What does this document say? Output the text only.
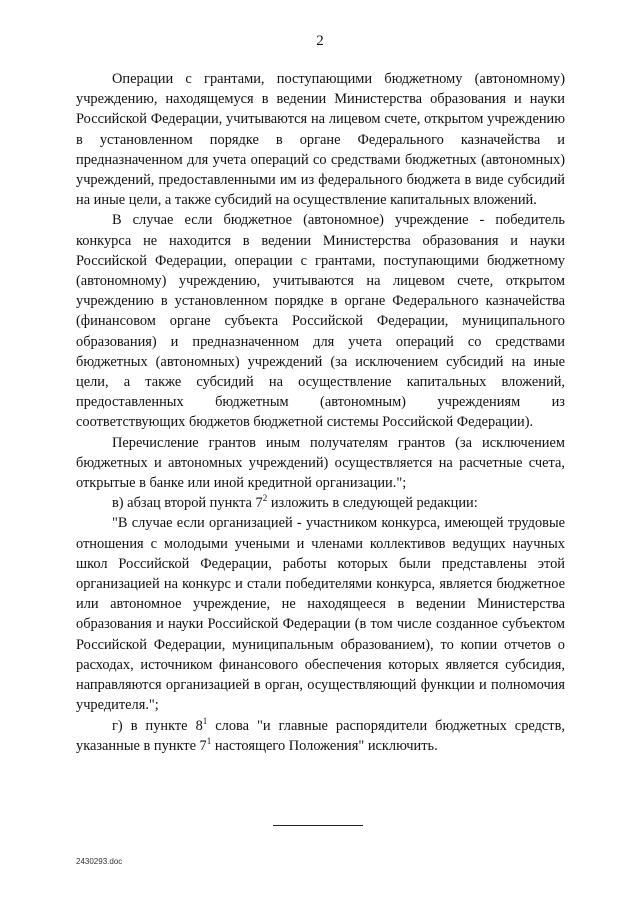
2

Операции с грантами, поступающими бюджетному (автономному) учреждению, находящемуся в ведении Министерства образования и науки Российской Федерации, учитываются на лицевом счете, открытом учреждению в установленном порядке в органе Федерального казначейства и предназначенном для учета операций со средствами бюджетных (автономных) учреждений, предоставленными им из федерального бюджета в виде субсидий на иные цели, а также субсидий на осуществление капитальных вложений.

В случае если бюджетное (автономное) учреждение - победитель конкурса не находится в ведении Министерства образования и науки Российской Федерации, операции с грантами, поступающими бюджетному (автономному) учреждению, учитываются на лицевом счете, открытом учреждению в установленном порядке в органе Федерального казначейства (финансовом органе субъекта Российской Федерации, муниципального образования) и предназначенном для учета операций со средствами бюджетных (автономных) учреждений (за исключением субсидий на иные цели, а также субсидий на осуществление капитальных вложений, предоставленных бюджетным (автономным) учреждениям из соответствующих бюджетов бюджетной системы Российской Федерации).

Перечисление грантов иным получателям грантов (за исключением бюджетных и автономных учреждений) осуществляется на расчетные счета, открытые в банке или иной кредитной организации.";

в) абзац второй пункта $7^2$ изложить в следующей редакции:

"В случае если организацией - участником конкурса, имеющей трудовые отношения с молодыми учеными и членами коллективов ведущих научных школ Российской Федерации, работы которых были представлены этой организацией на конкурс и стали победителями конкурса, является бюджетное или автономное учреждение, не находящееся в ведении Министерства образования и науки Российской Федерации (в том числе созданное субъектом Российской Федерации, муниципальным образованием), то копии отчетов о расходах, источником финансового обеспечения которых является субсидия, направляются организацией в орган, осуществляющий функции и полномочия учредителя.";

г) в пункте $8^1$ слова "и главные распорядители бюджетных средств, указанные в пункте $7^1$ настоящего Положения" исключить.

2430293.doc
